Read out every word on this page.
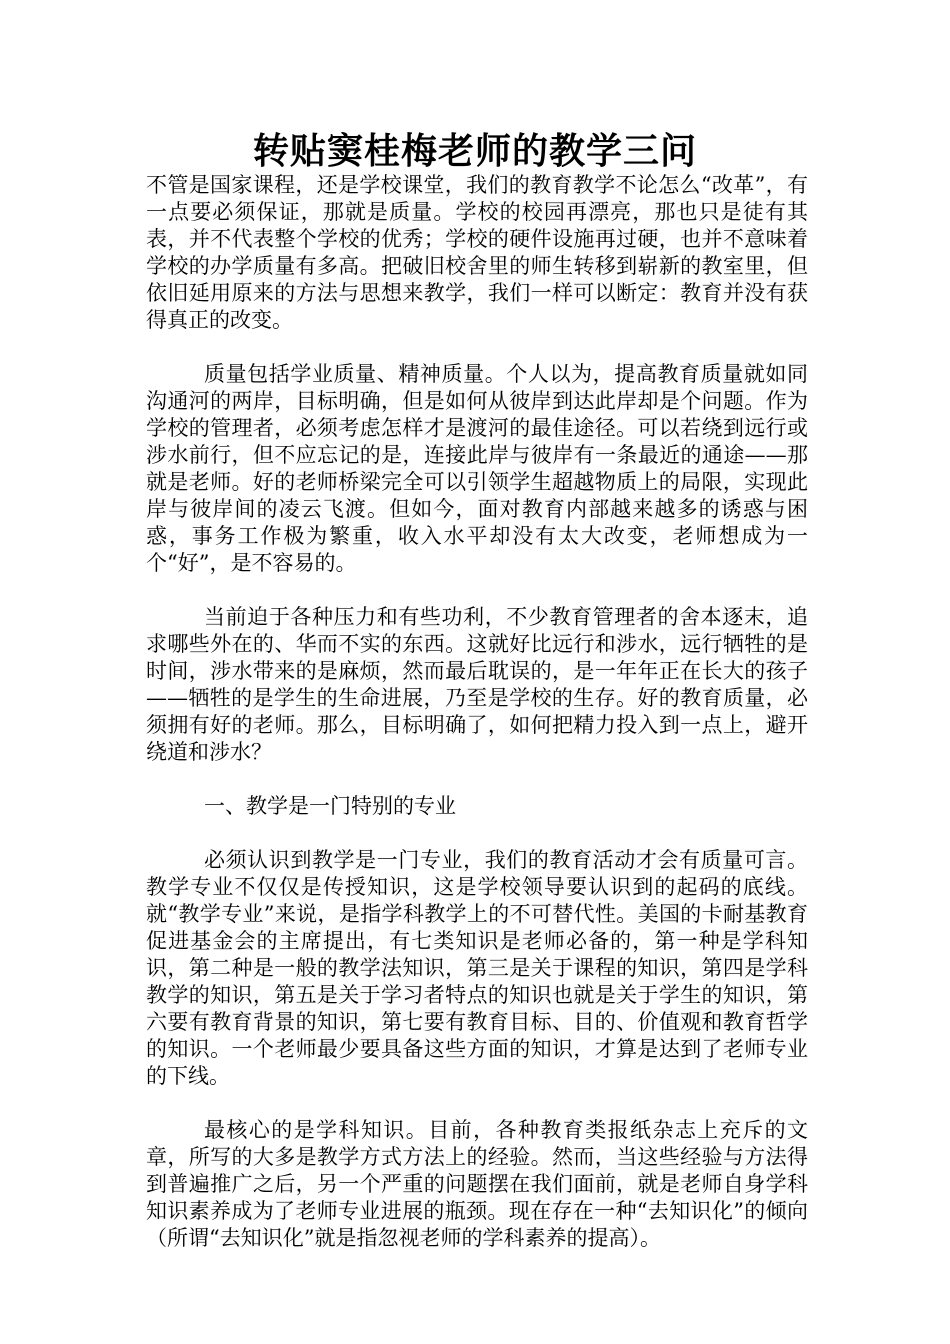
转贴窦桂梅老师的教学三问

不管是国家课程，还是学校课堂，我们的教育教学不论怎么“改革”，有一点要必须保证，那就是质量。学校的校园再漂亮，那也只是徒有其表，并不代表整个学校的优秀；学校的硬件设施再过硬，也并不意味着学校的办学质量有多高。把破旧校舍里的师生转移到崭新的教室里，但依旧延用原来的方法与思想来教学，我们一样可以断定：教育并没有获得真正的改变。

质量包括学业质量、精神质量。个人以为，提高教育质量就如同沟通河的两岸，目标明确，但是如何从彼岸到达此岸却是个问题。作为学校的管理者，必须考虑怎样才是渡河的最佳途径。可以若绕到远行或涉水前行，但不应忘记的是，连接此岸与彼岸有一条最近的通途——那就是老师。好的老师桥梁完全可以引领学生超越物质上的局限，实现此岸与彼岸间的凌云飞渡。但如今，面对教育内部越来越多的诱惑与困惑，事务工作极为繁重，收入水平却没有太大改变，老师想成为一个“好”，是不容易的。

当前迫于各种压力和有些功利，不少教育管理者的舍本逐末，追求哪些外在的、华而不实的东西。这就好比远行和涉水，远行牺牲的是时间，涉水带来的是麻烦，然而最后耽误的，是一年年正在长大的孩子——牺牲的是学生的生命进展，乃至是学校的生存。好的教育质量，必须拥有好的老师。那么，目标明确了，如何把精力投入到一点上，避开绕道和涉水？

一、教学是一门特别的专业

必须认识到教学是一门专业，我们的教育活动才会有质量可言。教学专业不仅仅是传授知识，这是学校领导要认识到的起码的底线。就“教学专业”来说，是指学科教学上的不可替代性。美国的卡耐基教育促进基金会的主席提出，有七类知识是老师必备的，第一种是学科知识，第二种是一般的教学法知识，第三是关于课程的知识，第四是学科教学的知识，第五是关于学习者特点的知识也就是关于学生的知识，第六要有教育背景的知识，第七要有教育目标、目的、价值观和教育哲学的知识。一个老师最少要具备这些方面的知识，才算是达到了老师专业的下线。

最核心的是学科知识。目前，各种教育类报纸杂志上充斥的文章，所写的大多是教学方式方法上的经验。然而，当这些经验与方法得到普遍推广之后，另一个严重的问题摆在我们面前，就是老师自身学科知识素养成为了老师专业进展的瓶颈。现在存在一种“去知识化”的倾向（所谓“去知识化”就是指忽视老师的学科素养的提高）。
